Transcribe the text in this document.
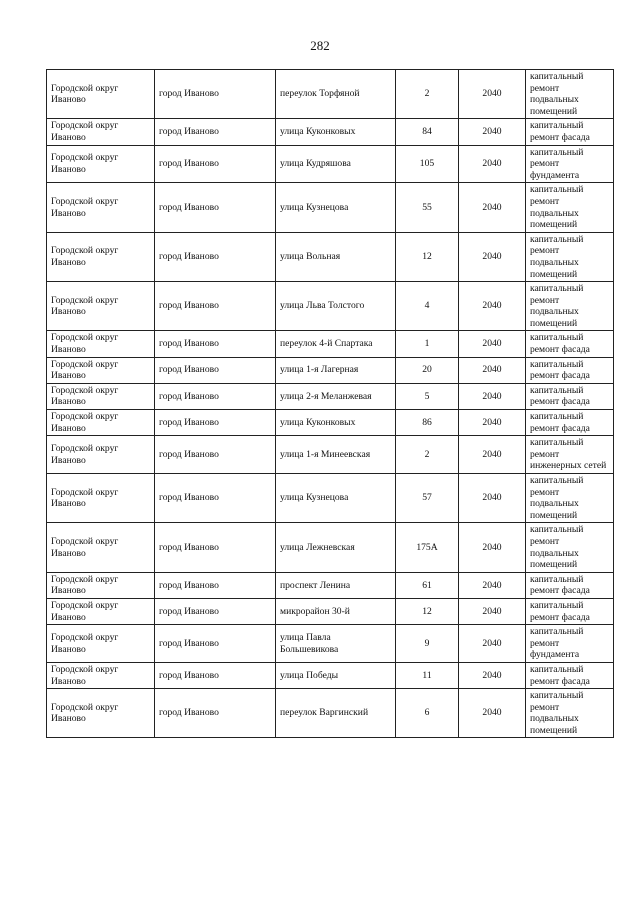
282
Городской округ Иваново	город Иваново	переулок Торфяной	2	2040	капитальный ремонт подвальных помещений
Городской округ Иваново	город Иваново	улица Куконковых	84	2040	капитальный ремонт фасада
Городской округ Иваново	город Иваново	улица Кудряшова	105	2040	капитальный ремонт фундамента
Городской округ Иваново	город Иваново	улица Кузнецова	55	2040	капитальный ремонт подвальных помещений
Городской округ Иваново	город Иваново	улица Вольная	12	2040	капитальный ремонт подвальных помещений
Городской округ Иваново	город Иваново	улица Льва Толстого	4	2040	капитальный ремонт подвальных помещений
Городской округ Иваново	город Иваново	переулок 4-й Спартака	1	2040	капитальный ремонт фасада
Городской округ Иваново	город Иваново	улица 1-я Лагерная	20	2040	капитальный ремонт фасада
Городской округ Иваново	город Иваново	улица 2-я Меланжевая	5	2040	капитальный ремонт фасада
Городской округ Иваново	город Иваново	улица Куконковых	86	2040	капитальный ремонт фасада
Городской округ Иваново	город Иваново	улица 1-я Минеевская	2	2040	капитальный ремонт инженерных сетей
Городской округ Иваново	город Иваново	улица Кузнецова	57	2040	капитальный ремонт подвальных помещений
Городской округ Иваново	город Иваново	улица Лежневская	175А	2040	капитальный ремонт подвальных помещений
Городской округ Иваново	город Иваново	проспект Ленина	61	2040	капитальный ремонт фасада
Городской округ Иваново	город Иваново	микрорайон 30-й	12	2040	капитальный ремонт фасада
Городской округ Иваново	город Иваново	улица Павла Большевикова	9	2040	капитальный ремонт фундамента
Городской округ Иваново	город Иваново	улица Победы	11	2040	капитальный ремонт фасада
Городской округ Иваново	город Иваново	переулок Варгинский	6	2040	капитальный ремонт подвальных помещений
